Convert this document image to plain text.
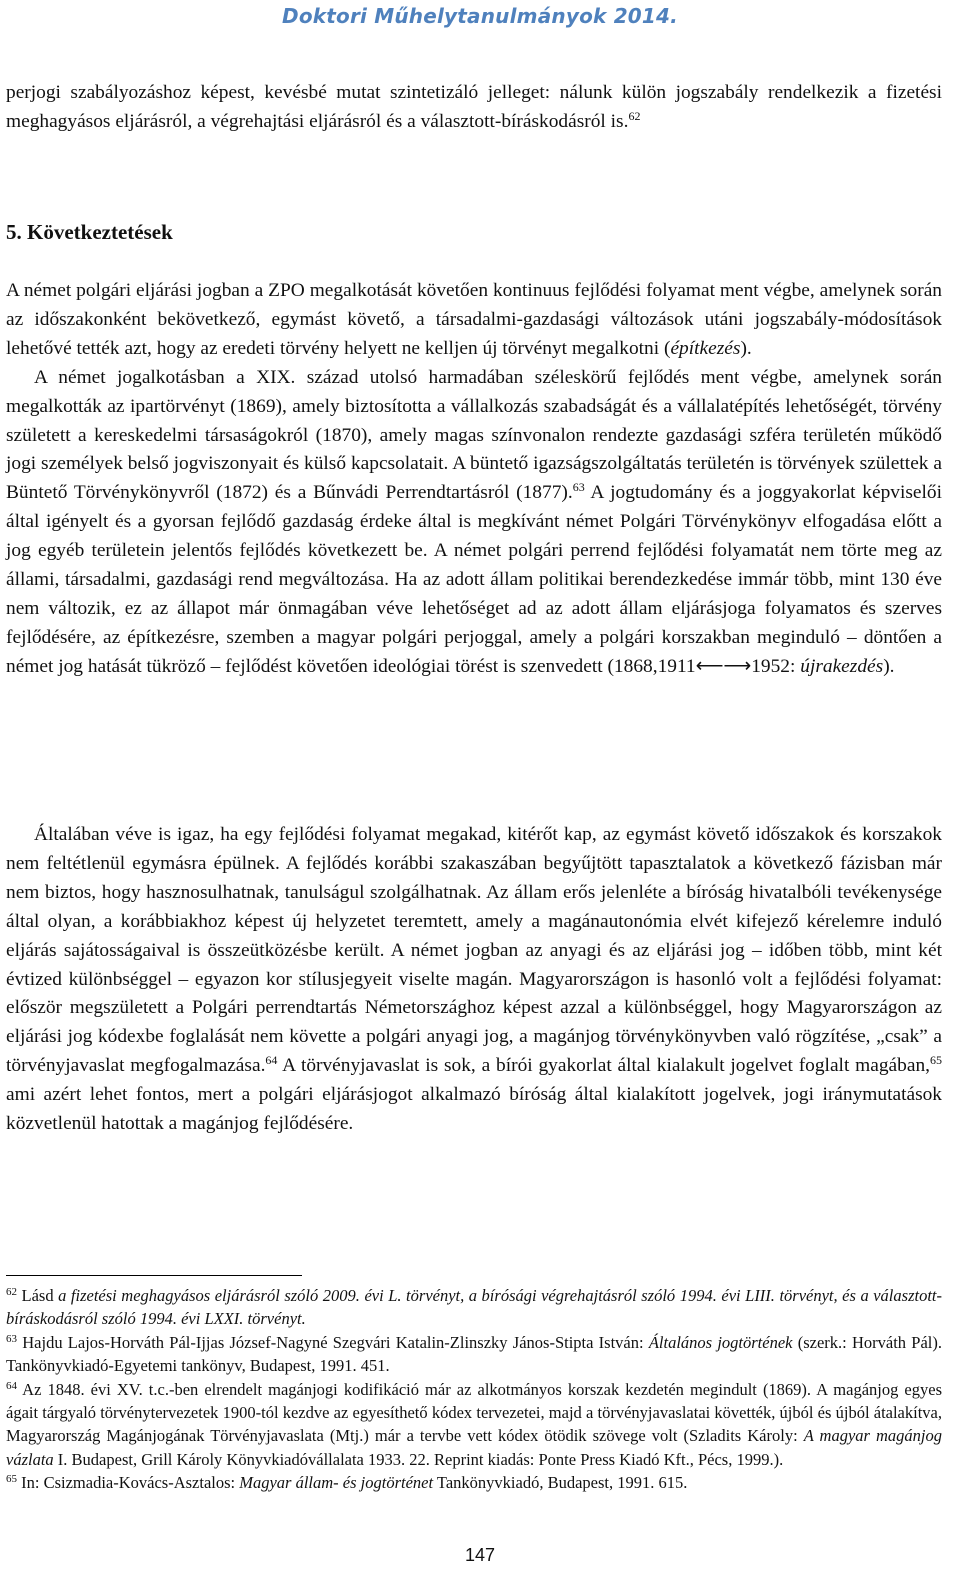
Doktori Műhelytanulmányok 2014.

perjogi szabályozáshoz képest, kevésbé mutat szintetizáló jelleget: nálunk külön jogszabály rendelkezik a fizetési meghagyásos eljárásról, a végrehajtási eljárásról és a választott-bíráskodásról is.$^{62}$

5. Következtetések

A német polgári eljárási jogban a ZPO megalkotását követően kontinuus fejlődési folyamat ment végbe, amelynek során az időszakonként bekövetkező, egymást követő, a társadalmi-gazdasági változások utáni jogszabály-módosítások lehetővé tették azt, hogy az eredeti törvény helyett ne kelljen új törvényt megalkotni (építkezés).

A német jogalkotásban a XIX. század utolsó harmadában széleskörű fejlődés ment végbe, amelynek során megalkották az ipartörvényt (1869), amely biztosította a vállalkozás szabadságát és a vállalatépítés lehetőségét, törvény született a kereskedelmi társaságokról (1870), amely magas színvonalon rendezte gazdasági szféra területén működő jogi személyek belső jogviszonyait és külső kapcsolatait. A büntető igazságszolgáltatás területén is törvények születtek a Büntető Törvénykönyvről (1872) és a Bűnvádi Perrendtartásról (1877).$^{63}$ A jogtudomány és a joggyakorlat képviselői által igényelt és a gyorsan fejlődő gazdaság érdeke által is megkívánt német Polgári Törvénykönyv elfogadása előtt a jog egyéb területein jelentős fejlődés következett be. A német polgári perrend fejlődési folyamatát nem törte meg az állami, társadalmi, gazdasági rend megváltozása. Ha az adott állam politikai berendezkedése immár több, mint 130 éve nem változik, ez az állapot már önmagában véve lehetőséget ad az adott állam eljárásjoga folyamatos és szerves fejlődésére, az építkezésre, szemben a magyar polgári perjoggal, amely a polgári korszakban meginduló – döntően a német jog hatását tükröző – fejlődést követően ideológiai törést is szenvedett (1868,1911⟵⟶1952: újrakezdés).

Általában véve is igaz, ha egy fejlődési folyamat megakad, kitérőt kap, az egymást követő időszakok és korszakok nem feltétlenül egymásra épülnek. A fejlődés korábbi szakaszában begyűjtött tapasztalatok a következő fázisban már nem biztos, hogy hasznosulhatnak, tanulságul szolgálhatnak. Az állam erős jelenléte a bíróság hivatalbóli tevékenysége által olyan, a korábbiakhoz képest új helyzetet teremtett, amely a magánautonómia elvét kifejező kérelemre induló eljárás sajátosságaival is összeütközésbe került. A német jogban az anyagi és az eljárási jog – időben több, mint két évtized különbséggel – egyazon kor stílusjegyeit viselte magán. Magyarországon is hasonló volt a fejlődési folyamat: először megszületett a Polgári perrendtartás Németországhoz képest azzal a különbséggel, hogy Magyarországon az eljárási jog kódexbe foglalását nem követte a polgári anyagi jog, a magánjog törvénykönyvben való rögzítése, „csak” a törvényjavaslat megfogalmazása.$^{64}$ A törvényjavaslat is sok, a bírói gyakorlat által kialakult jogelvet foglalt magában,$^{65}$ ami azért lehet fontos, mert a polgári eljárásjogot alkalmazó bíróság által kialakított jogelvek, jogi iránymutatások közvetlenül hatottak a magánjog fejlődésére.

$^{62}$ Lásd a fizetési meghagyásos eljárásról szóló 2009. évi L. törvényt, a bírósági végrehajtásról szóló 1994. évi LIII. törvényt, és a választott-bíráskodásról szóló 1994. évi LXXI. törvényt.

$^{63}$ Hajdu Lajos-Horváth Pál-Ijjas József-Nagyné Szegvári Katalin-Zlinszky János-Stipta István: Általános jogtörtének (szerk.: Horváth Pál). Tankönyvkiadó-Egyetemi tankönyv, Budapest, 1991. 451.

$^{64}$ Az 1848. évi XV. t.c.-ben elrendelt magánjogi kodifikáció már az alkotmányos korszak kezdetén megindult (1869). A magánjog egyes ágait tárgyaló törvénytervezetek 1900-tól kezdve az egyesíthető kódex tervezetei, majd a törvényjavaslatai követték, újból és újból átalakítva, Magyarország Magánjogának Törvényjavaslata (Mtj.) már a tervbe vett kódex ötödik szövege volt (Szladits Károly: A magyar magánjog vázlata I. Budapest, Grill Károly Könyvkiadóvállalata 1933. 22. Reprint kiadás: Ponte Press Kiadó Kft., Pécs, 1999.).

$^{65}$ In: Csizmadia-Kovács-Asztalos: Magyar állam- és jogtörténet Tankönyvkiadó, Budapest, 1991. 615.

147
